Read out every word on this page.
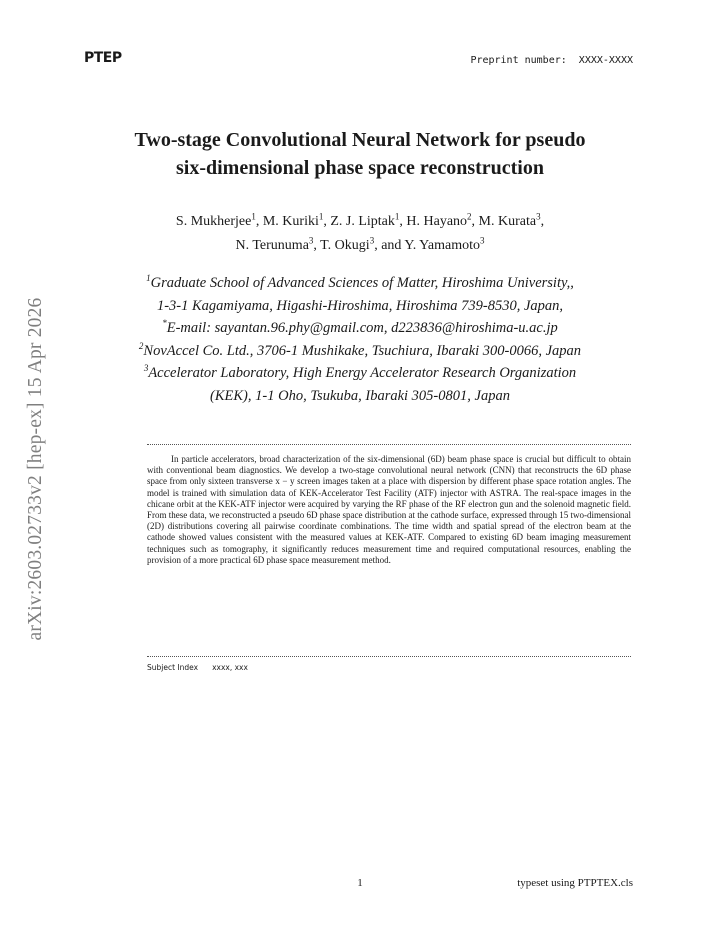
PTEP	Preprint number:  XXXX-XXXX
arXiv:2603.02733v2 [hep-ex] 15 Apr 2026
Two-stage Convolutional Neural Network for pseudo
six-dimensional phase space reconstruction
S. Mukherjee$^1$, M. Kuriki$^1$, Z. J. Liptak$^1$, H. Hayano$^2$, M. Kurata$^3$,
N. Terunuma$^3$, T. Okugi$^3$, and Y. Yamamoto$^3$
$^1$Graduate School of Advanced Sciences of Matter, Hiroshima University,,
1-3-1 Kagamiyama, Higashi-Hiroshima, Hiroshima 739-8530, Japan,
*E-mail: sayantan.96.phy@gmail.com, d223836@hiroshima-u.ac.jp
$^2$NovAccel Co. Ltd., 3706-1 Mushikake, Tsuchiura, Ibaraki 300-0066, Japan
$^3$Accelerator Laboratory, High Energy Accelerator Research Organization
(KEK), 1-1 Oho, Tsukuba, Ibaraki 305-0801, Japan

In particle accelerators, broad characterization of the six-dimensional (6D) beam phase space is crucial but difficult to obtain with conventional beam diagnostics. We develop a two-stage convolutional neural network (CNN) that reconstructs the 6D phase space from only sixteen transverse x − y screen images taken at a place with dispersion by different phase space rotation angles. The model is trained with simulation data of KEK-Accelerator Test Facility (ATF) injector with ASTRA. The real-space images in the chicane orbit at the KEK-ATF injector were acquired by varying the RF phase of the RF electron gun and the solenoid magnetic field. From these data, we reconstructed a pseudo 6D phase space distribution at the cathode surface, expressed through 15 two-dimensional (2D) distributions covering all pairwise coordinate combinations. The time width and spatial spread of the electron beam at the cathode showed values consistent with the measured values at KEK-ATF. Compared to existing 6D beam imaging measurement techniques such as tomography, it significantly reduces measurement time and required computational resources, enabling the provision of a more practical 6D phase space measurement method.

Subject Index xxxx, xxx
1	typeset using PTPTEX.cls
